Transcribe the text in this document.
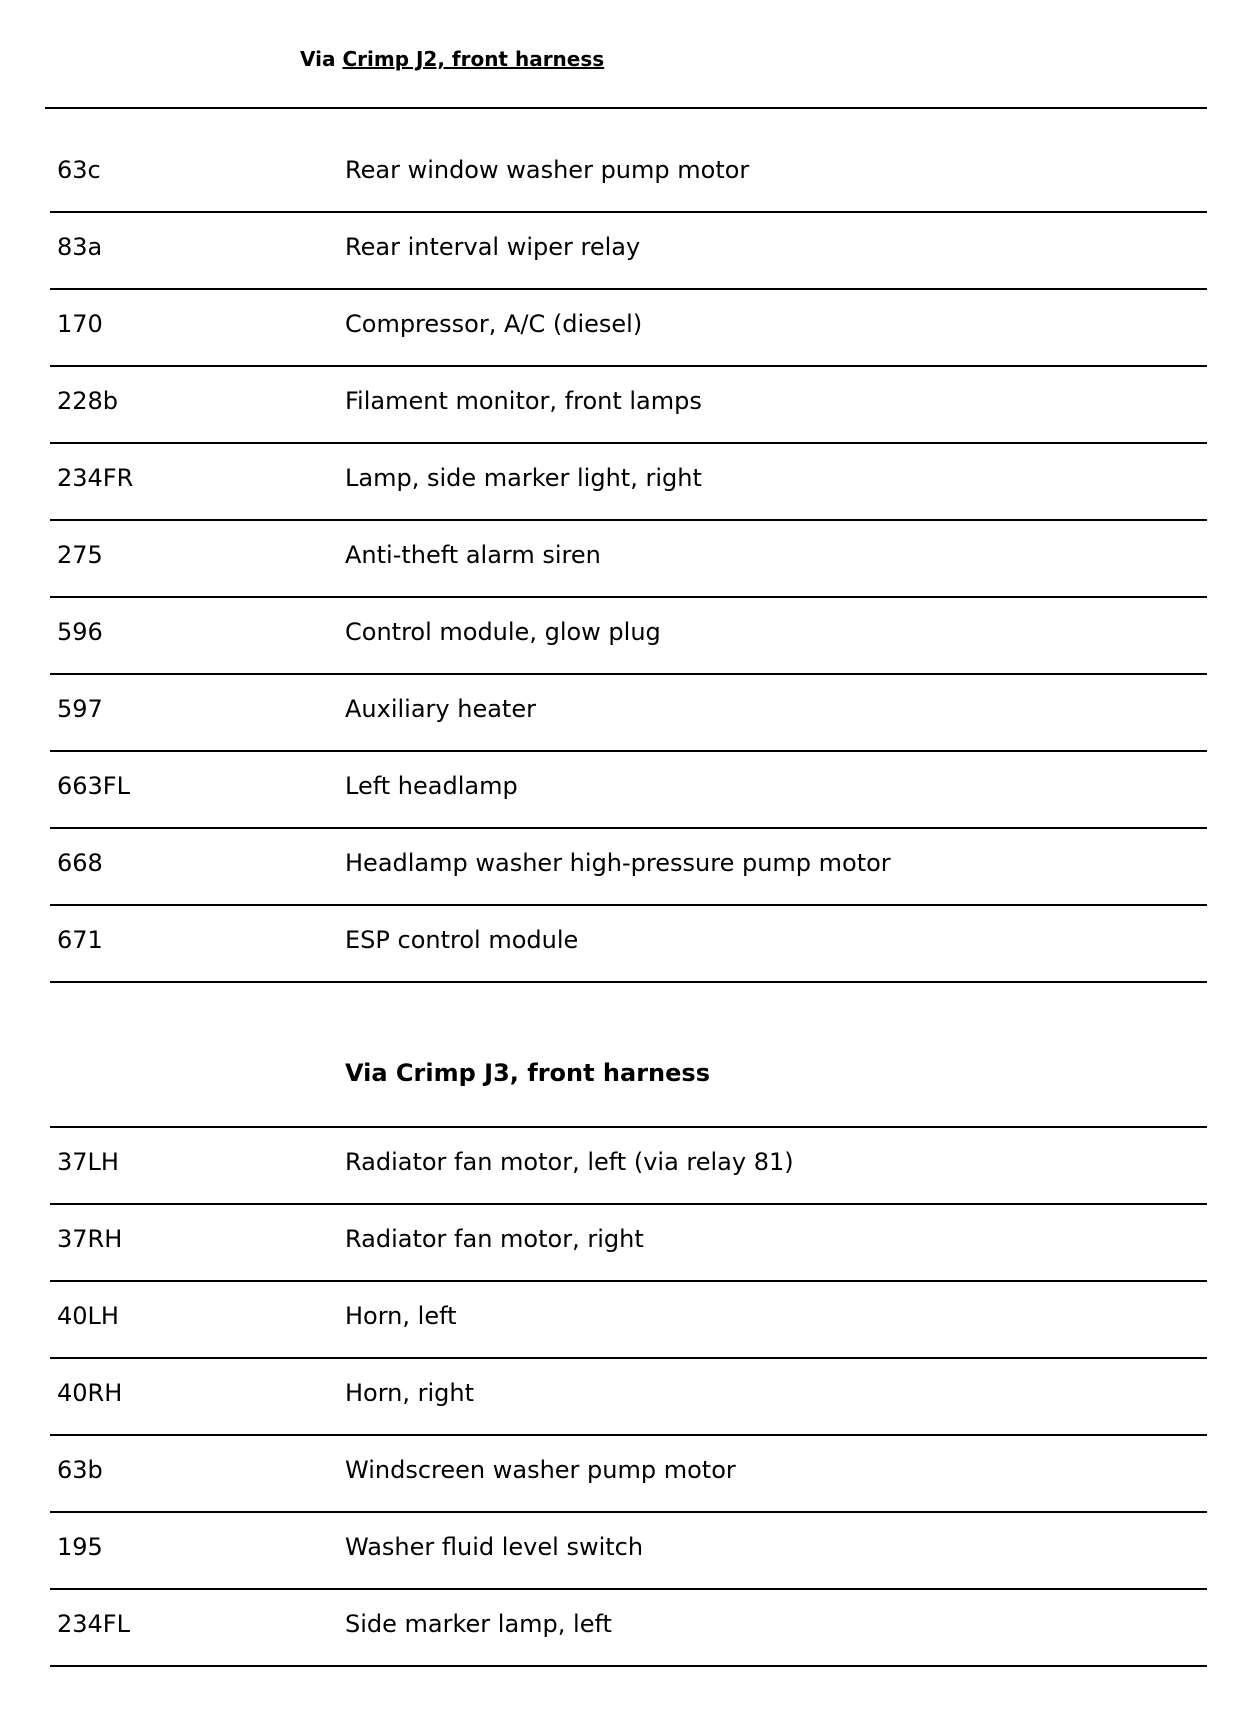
Via Crimp J2, front harness
63c	Rear window washer pump motor
83a	Rear interval wiper relay
170	Compressor, A/C (diesel)
228b	Filament monitor, front lamps
234FR	Lamp, side marker light, right
275	Anti-theft alarm siren
596	Control module, glow plug
597	Auxiliary heater
663FL	Left headlamp
668	Headlamp washer high-pressure pump motor
671	ESP control module
Via Crimp J3, front harness
37LH	Radiator fan motor, left (via relay 81)
37RH	Radiator fan motor, right
40LH	Horn, left
40RH	Horn, right
63b	Windscreen washer pump motor
195	Washer fluid level switch
234FL	Side marker lamp, left
